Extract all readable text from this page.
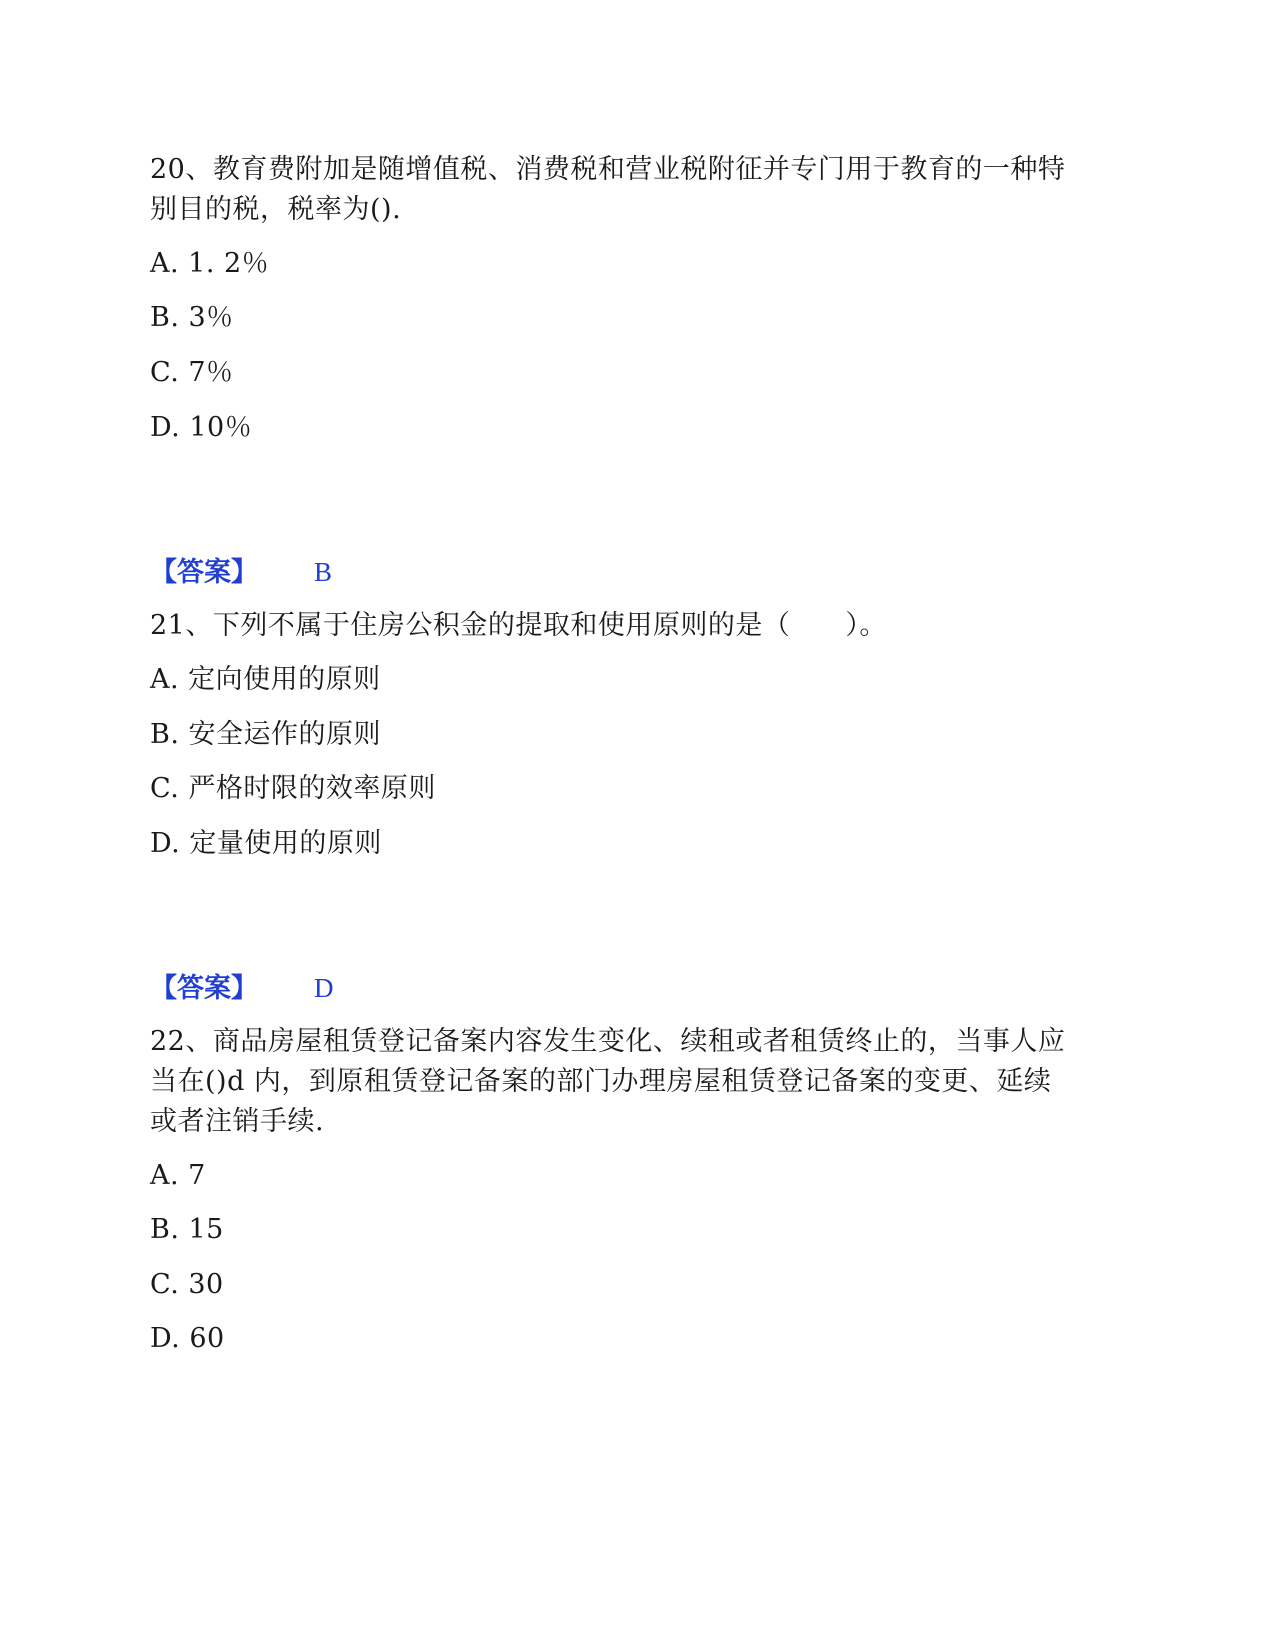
20、教育费附加是随增值税、消费税和营业税附征并专门用于教育的一种特
别目的税，税率为().
A. 1. 2％
B. 3％
C. 7％
D. 10％
【答案】 B
21、下列不属于住房公积金的提取和使用原则的是（　　）。
A. 定向使用的原则
B. 安全运作的原则
C. 严格时限的效率原则
D. 定量使用的原则
【答案】 D
22、商品房屋租赁登记备案内容发生变化、续租或者租赁终止的，当事人应
当在()d 内，到原租赁登记备案的部门办理房屋租赁登记备案的变更、延续
或者注销手续.
A. 7
B. 15
C. 30
D. 60
